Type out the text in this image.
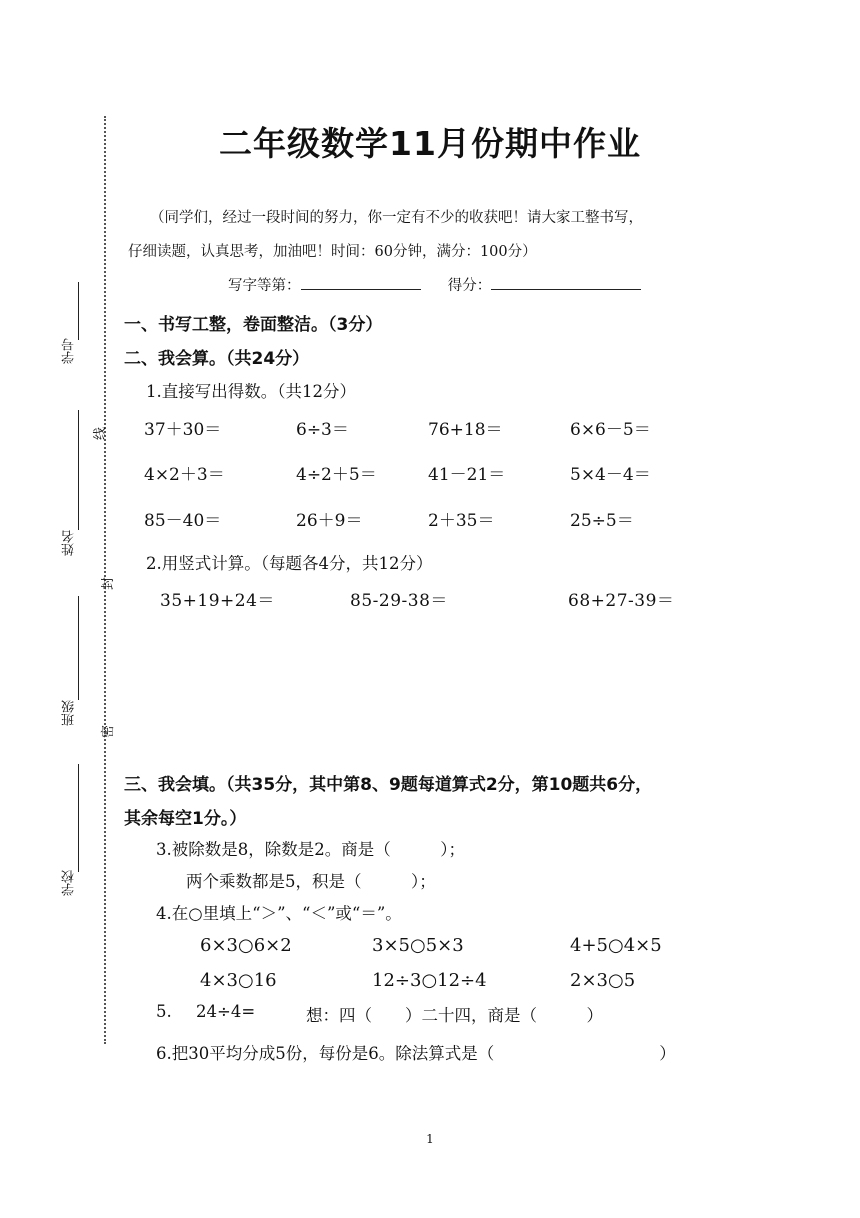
学号
姓名
班级
学校
线
封
密
二年级数学11月份期中作业
（同学们，经过一段时间的努力，你一定有不少的收获吧！请大家工整书写，
仔细读题，认真思考，加油吧！时间：60分钟，满分：100分）
写字等第：	得分：
一、书写工整，卷面整洁。（3分）
二、我会算。（共24分）
1.直接写出得数。（共12分）
37＋30＝	6÷3＝	76+18＝	6×6－5＝
4×2＋3＝	4÷2＋5＝	41－21＝	5×4－4＝
85－40＝	26＋9＝	2＋35＝	25÷5＝
2.用竖式计算。（每题各4分，共12分）
35+19+24＝	85-29-38＝	68+27-39＝
三、我会填。（共35分，其中第8、9题每道算式2分，第10题共6分，
其余每空1分。）
3.被除数是8，除数是2。商是（　　　）；
两个乘数都是5，积是（　　　）；
4.在○里填上“＞”、“＜”或“＝”。
6×3○6×2	3×5○5×3	4+5○4×5
4×3○16	12÷3○12÷4	2×3○5
5. 24÷4=	想：四（　　）二十四，商是（　　　）
6.把30平均分成5份，每份是6。除法算式是（　　　　　　　　　　）
1
